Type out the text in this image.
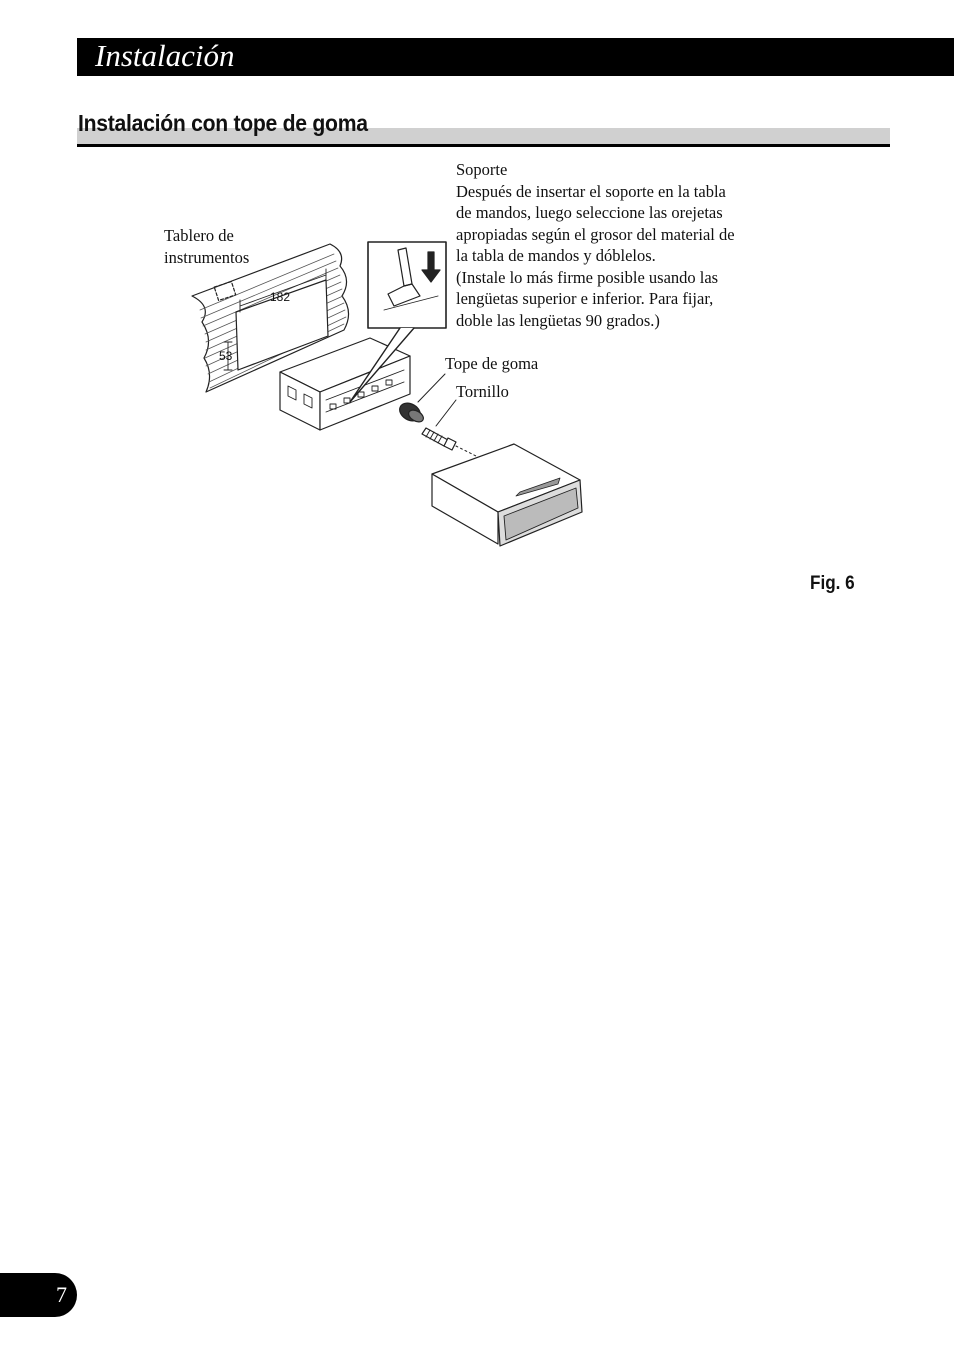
Instalación
Instalación con tope de goma
Tablero de
instrumentos
Soporte
Después de insertar el soporte en la tabla
de mandos, luego seleccione las orejetas
apropiadas según el grosor del material de
la tabla de mandos y dóblelos.
(Instale lo más firme posible usando las
lengüetas superior e inferior. Para fijar,
doble las lengüetas 90 grados.)
Tope de goma
Tornillo
182
53
Fig. 6
7
